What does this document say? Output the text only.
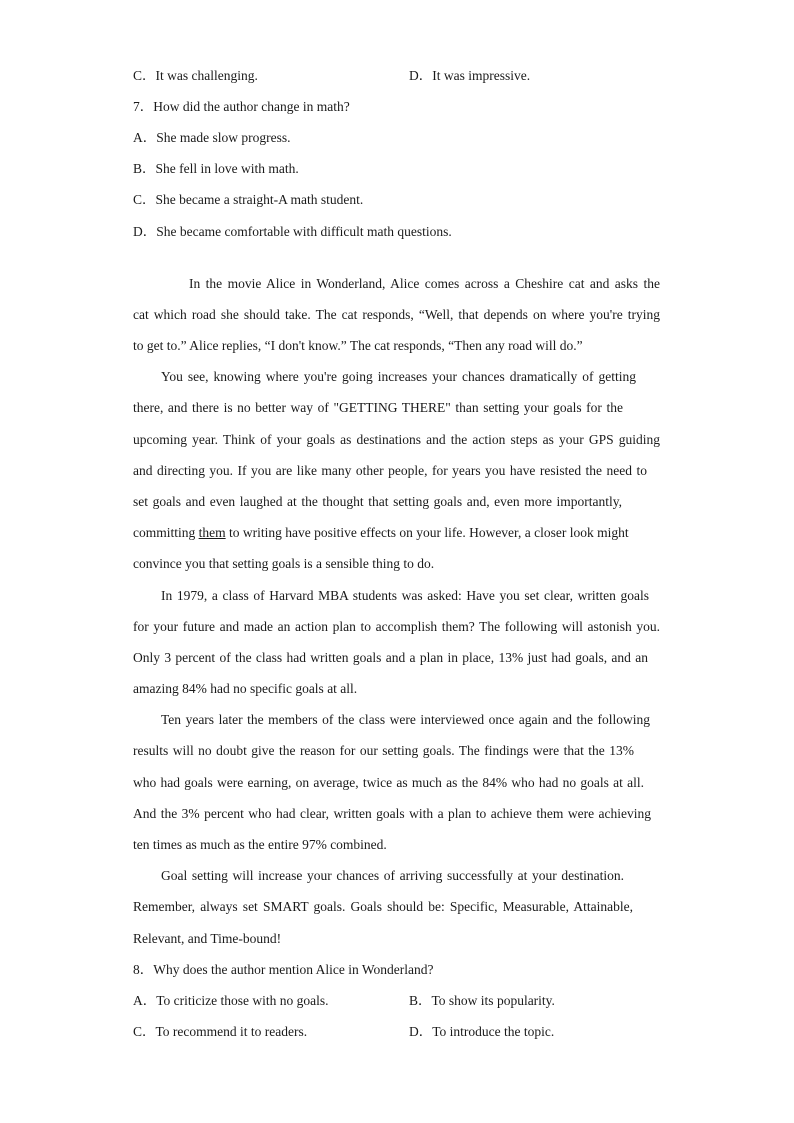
C．It was challenging.	D．It was impressive.
7．How did the author change in math?
A．She made slow progress.
B．She fell in love with math.
C．She became a straight-A math student.
D．She became comfortable with difficult math questions.
In the movie Alice in Wonderland, Alice comes across a Cheshire cat and asks the
cat which road she should take. The cat responds, “Well, that depends on where you're trying
to get to.” Alice replies, “I don't know.” The cat responds, “Then any road will do.”
You see, knowing where you're going increases your chances dramatically of getting
there, and there is no better way of "GETTING THERE" than setting your goals for the
upcoming year. Think of your goals as destinations and the action steps as your GPS guiding
and directing you. If you are like many other people, for years you have resisted the need to
set goals and even laughed at the thought that setting goals and, even more importantly,
committing them to writing have positive effects on your life. However, a closer look might
convince you that setting goals is a sensible thing to do.
In 1979, a class of Harvard MBA students was asked: Have you set clear, written goals
for your future and made an action plan to accomplish them? The following will astonish you.
Only 3 percent of the class had written goals and a plan in place, 13% just had goals, and an
amazing 84% had no specific goals at all.
Ten years later the members of the class were interviewed once again and the following
results will no doubt give the reason for our setting goals. The findings were that the 13%
who had goals were earning, on average, twice as much as the 84% who had no goals at all.
And the 3% percent who had clear, written goals with a plan to achieve them were achieving
ten times as much as the entire 97% combined.
Goal setting will increase your chances of arriving successfully at your destination.
Remember, always set SMART goals. Goals should be: Specific, Measurable, Attainable,
Relevant, and Time-bound!
8．Why does the author mention Alice in Wonderland?
A．To criticize those with no goals.	B．To show its popularity.
C．To recommend it to readers.	D．To introduce the topic.
